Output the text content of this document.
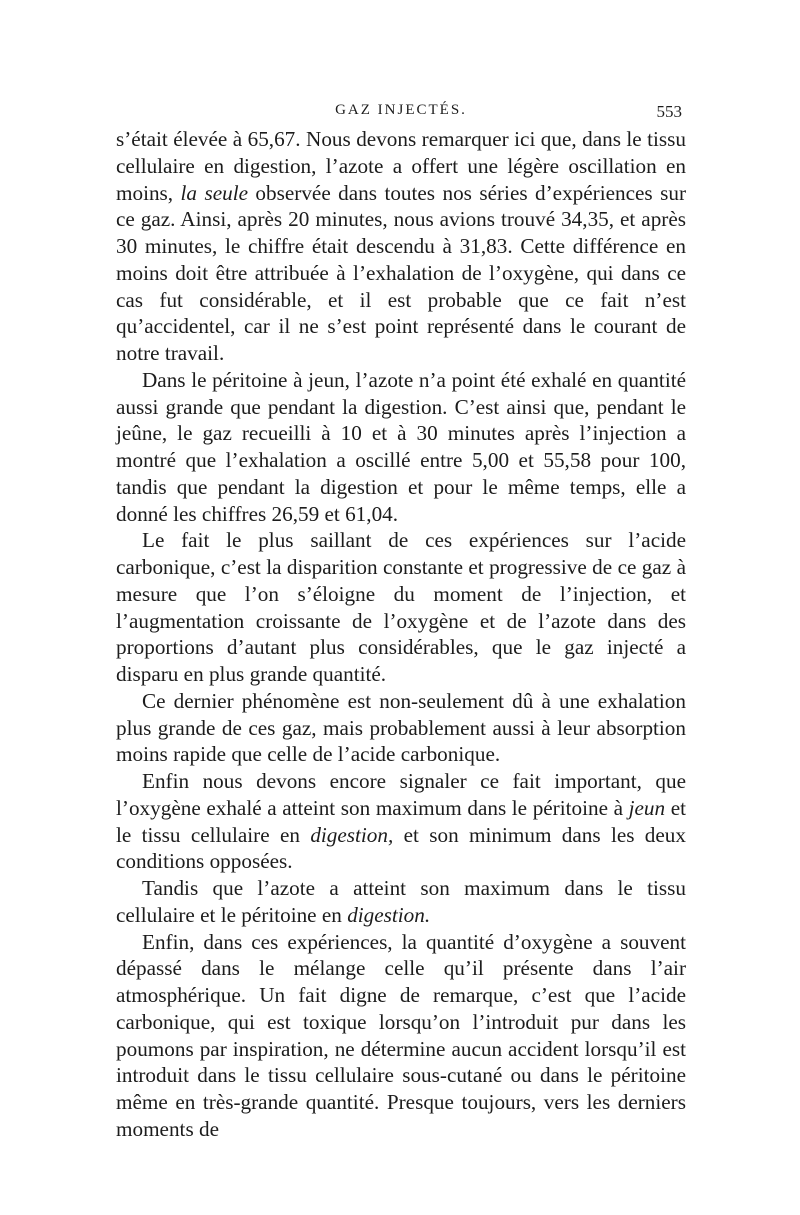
GAZ INJECTÉS.	553

s’était élevée à 65,67. Nous devons remarquer ici que, dans le tissu cellulaire en digestion, l’azote a offert une légère oscillation en moins, la seule observée dans toutes nos séries d’expériences sur ce gaz. Ainsi, après 20 minutes, nous avions trouvé 34,35, et après 30 minutes, le chiffre était descendu à 31,83. Cette différence en moins doit être attribuée à l’exhalation de l’oxygène, qui dans ce cas fut considérable, et il est probable que ce fait n’est qu’accidentel, car il ne s’est point représenté dans le courant de notre travail.

Dans le péritoine à jeun, l’azote n’a point été exhalé en quantité aussi grande que pendant la digestion. C’est ainsi que, pendant le jeûne, le gaz recueilli à 10 et à 30 minutes après l’injection a montré que l’exhalation a oscillé entre 5,00 et 55,58 pour 100, tandis que pendant la digestion et pour le même temps, elle a donné les chiffres 26,59 et 61,04.

Le fait le plus saillant de ces expériences sur l’acide carbonique, c’est la disparition constante et progressive de ce gaz à mesure que l’on s’éloigne du moment de l’injection, et l’augmentation croissante de l’oxygène et de l’azote dans des proportions d’autant plus considérables, que le gaz injecté a disparu en plus grande quantité.

Ce dernier phénomène est non-seulement dû à une exhalation plus grande de ces gaz, mais probablement aussi à leur absorption moins rapide que celle de l’acide carbonique.

Enfin nous devons encore signaler ce fait important, que l’oxygène exhalé a atteint son maximum dans le péritoine à jeun et le tissu cellulaire en digestion, et son minimum dans les deux conditions opposées.

Tandis que l’azote a atteint son maximum dans le tissu cellulaire et le péritoine en digestion.

Enfin, dans ces expériences, la quantité d’oxygène a souvent dépassé dans le mélange celle qu’il présente dans l’air atmosphérique. Un fait digne de remarque, c’est que l’acide carbonique, qui est toxique lorsqu’on l’introduit pur dans les poumons par inspiration, ne détermine aucun accident lorsqu’il est introduit dans le tissu cellulaire sous-cutané ou dans le péritoine même en très-grande quantité. Presque toujours, vers les derniers moments de
